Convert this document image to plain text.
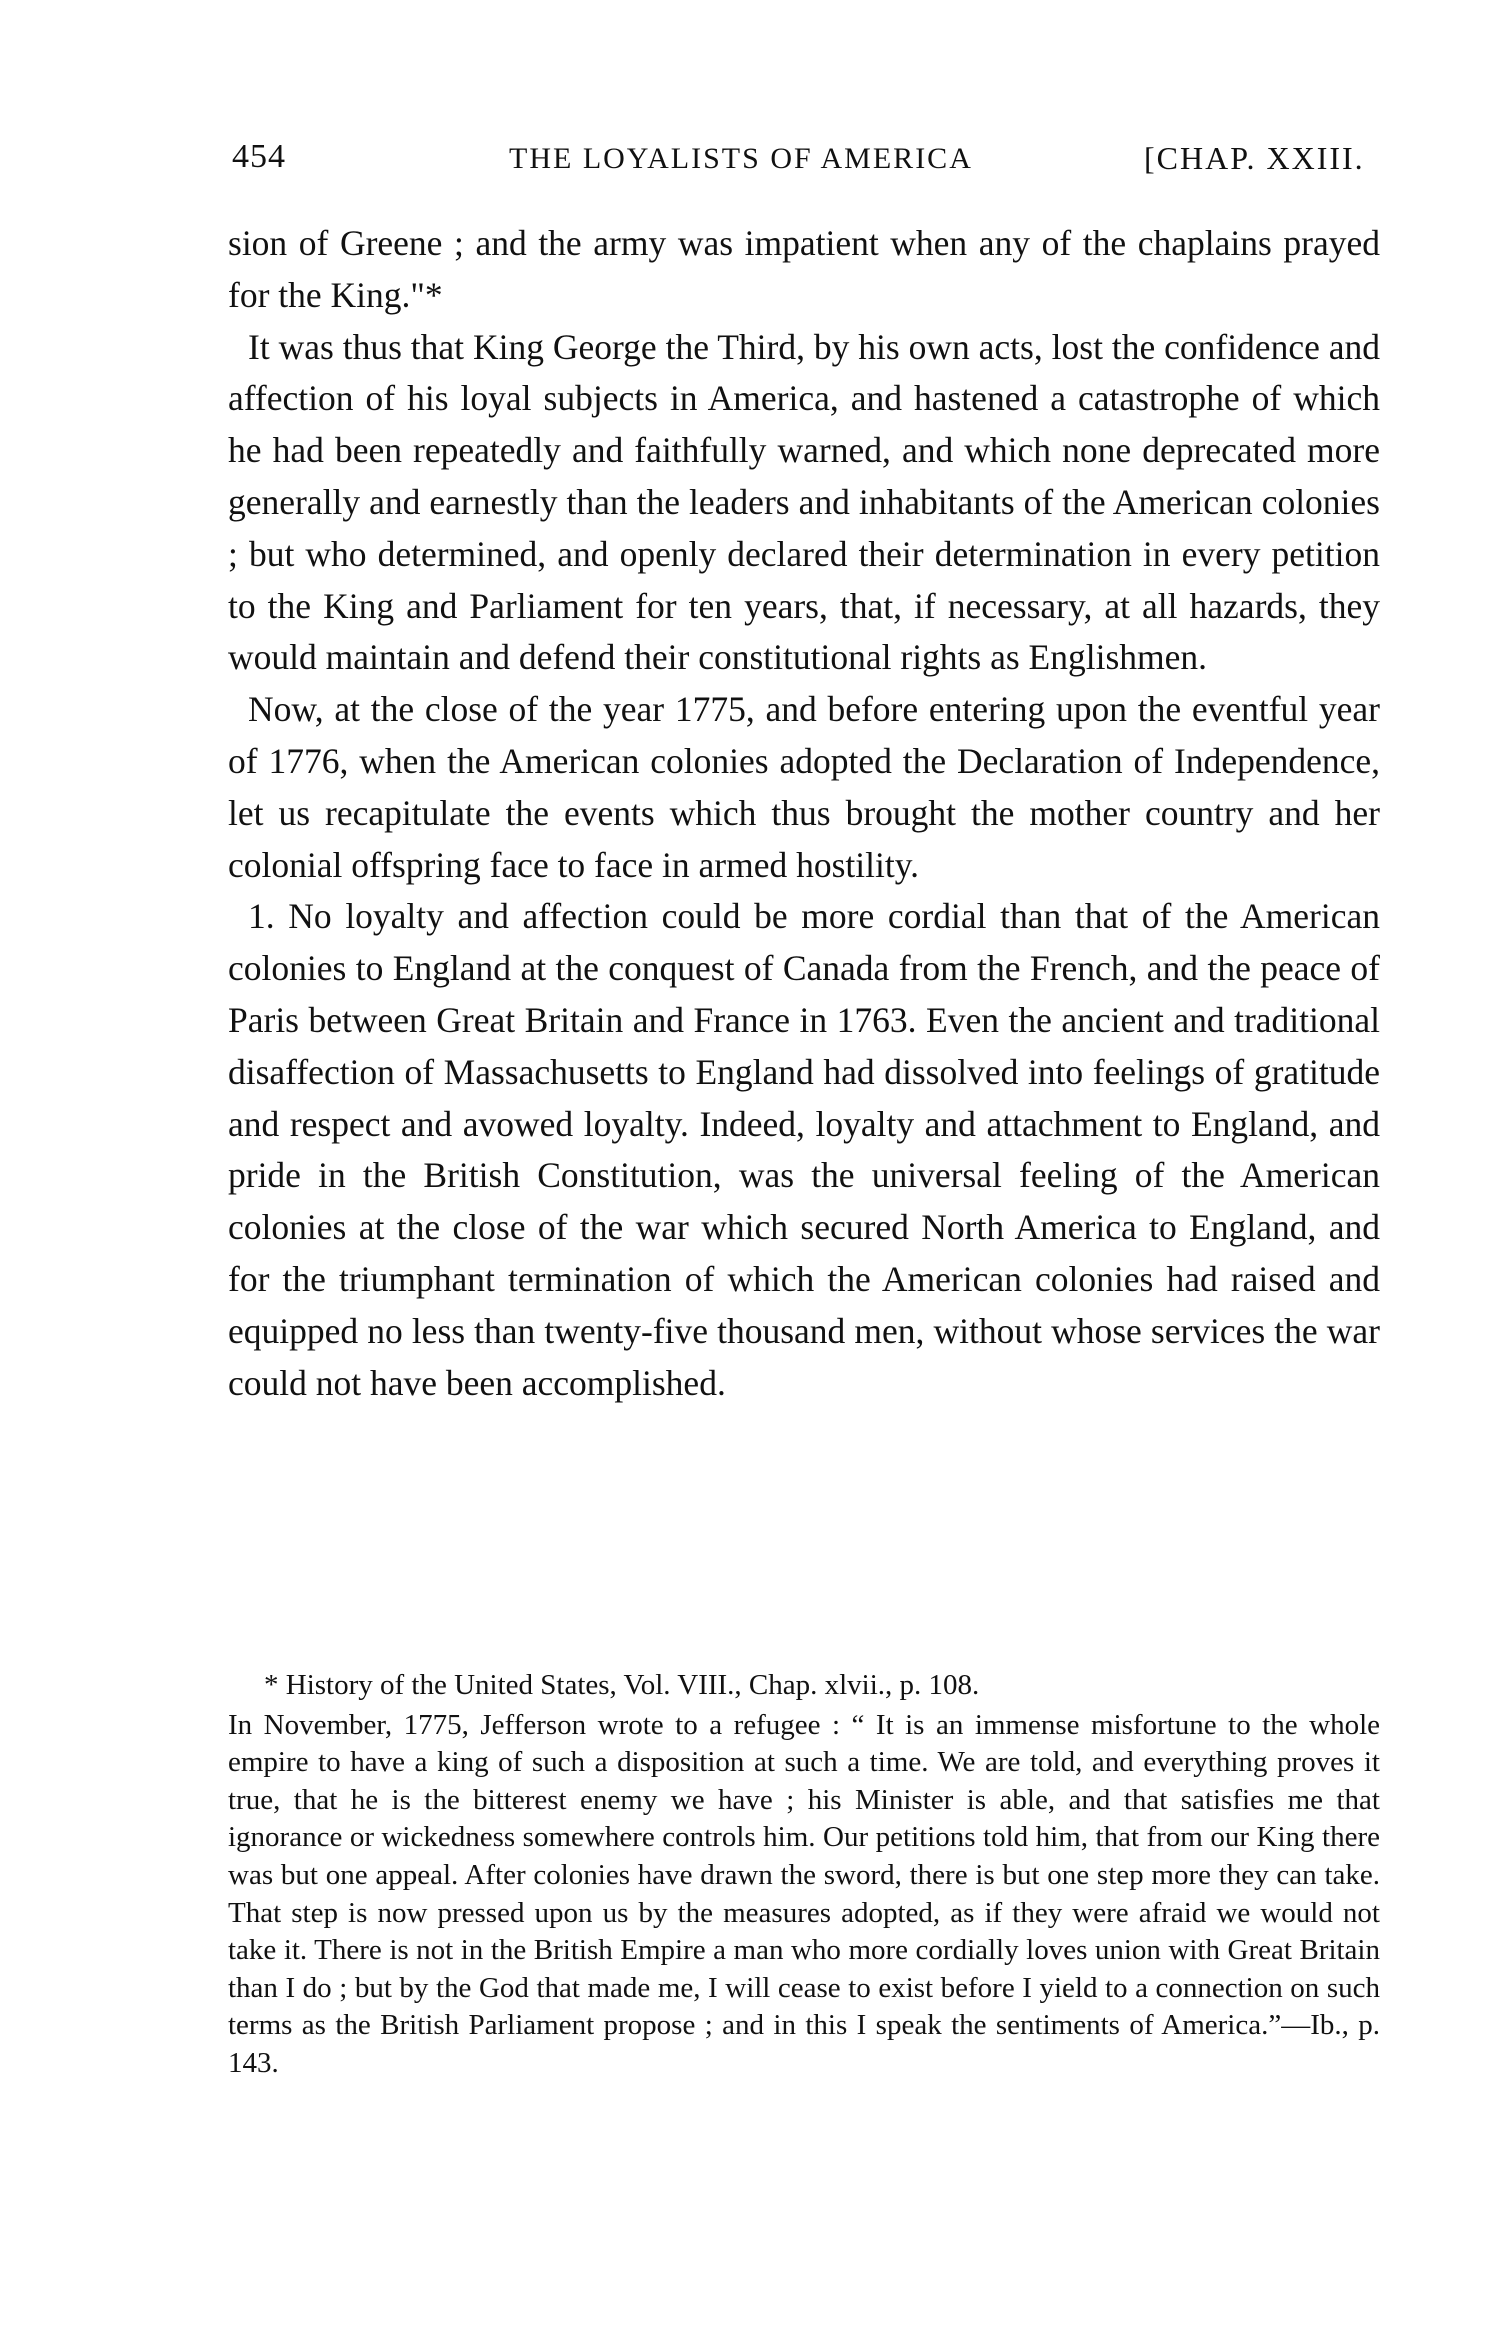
454	THE LOYALISTS OF AMERICA	[CHAP. XXIII.

sion of Greene ; and the army was impatient when any of the chaplains prayed for the King."*

It was thus that King George the Third, by his own acts, lost the confidence and affection of his loyal subjects in America, and hastened a catastrophe of which he had been repeatedly and faithfully warned, and which none deprecated more generally and earnestly than the leaders and inhabitants of the American colonies ; but who determined, and openly declared their determination in every petition to the King and Parliament for ten years, that, if necessary, at all hazards, they would maintain and defend their constitutional rights as Englishmen.

Now, at the close of the year 1775, and before entering upon the eventful year of 1776, when the American colonies adopted the Declaration of Independence, let us recapitulate the events which thus brought the mother country and her colonial offspring face to face in armed hostility.

1. No loyalty and affection could be more cordial than that of the American colonies to England at the conquest of Canada from the French, and the peace of Paris between Great Britain and France in 1763. Even the ancient and traditional disaffection of Massachusetts to England had dissolved into feelings of gratitude and respect and avowed loyalty. Indeed, loyalty and attachment to England, and pride in the British Constitution, was the universal feeling of the American colonies at the close of the war which secured North America to England, and for the triumphant termination of which the American colonies had raised and equipped no less than twenty-five thousand men, without whose services the war could not have been accomplished.

* History of the United States, Vol. VIII., Chap. xlvii., p. 108.

In November, 1775, Jefferson wrote to a refugee : “ It is an immense misfortune to the whole empire to have a king of such a disposition at such a time. We are told, and everything proves it true, that he is the bitterest enemy we have ; his Minister is able, and that satisfies me that ignorance or wickedness somewhere controls him. Our petitions told him, that from our King there was but one appeal. After colonies have drawn the sword, there is but one step more they can take. That step is now pressed upon us by the measures adopted, as if they were afraid we would not take it. There is not in the British Empire a man who more cordially loves union with Great Britain than I do ; but by the God that made me, I will cease to exist before I yield to a connection on such terms as the British Parliament propose ; and in this I speak the sentiments of America.”—Ib., p. 143.
